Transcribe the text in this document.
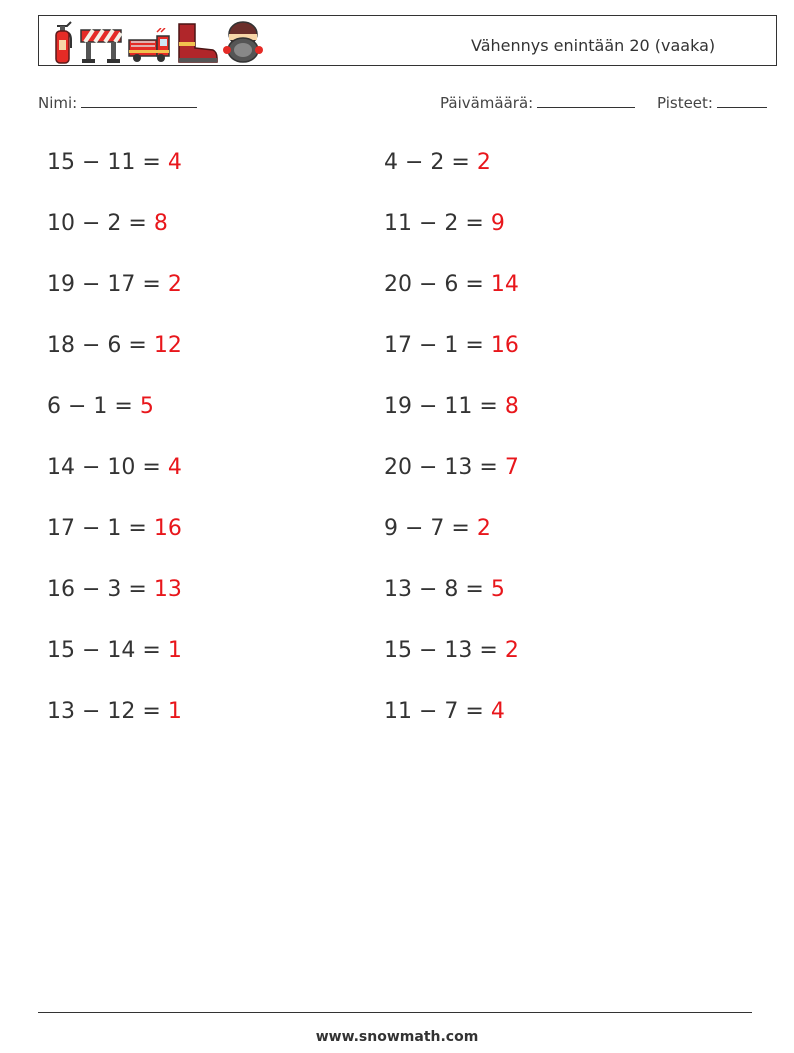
Vähennys enintään 20 (vaaka)
Nimi:	Päivämäärä:	Pisteet:
15 − 11 = 4
10 − 2 = 8
19 − 17 = 2
18 − 6 = 12
6 − 1 = 5
14 − 10 = 4
17 − 1 = 16
16 − 3 = 13
15 − 14 = 1
13 − 12 = 1
4 − 2 = 2
11 − 2 = 9
20 − 6 = 14
17 − 1 = 16
19 − 11 = 8
20 − 13 = 7
9 − 7 = 2
13 − 8 = 5
15 − 13 = 2
11 − 7 = 4
www.snowmath.com
